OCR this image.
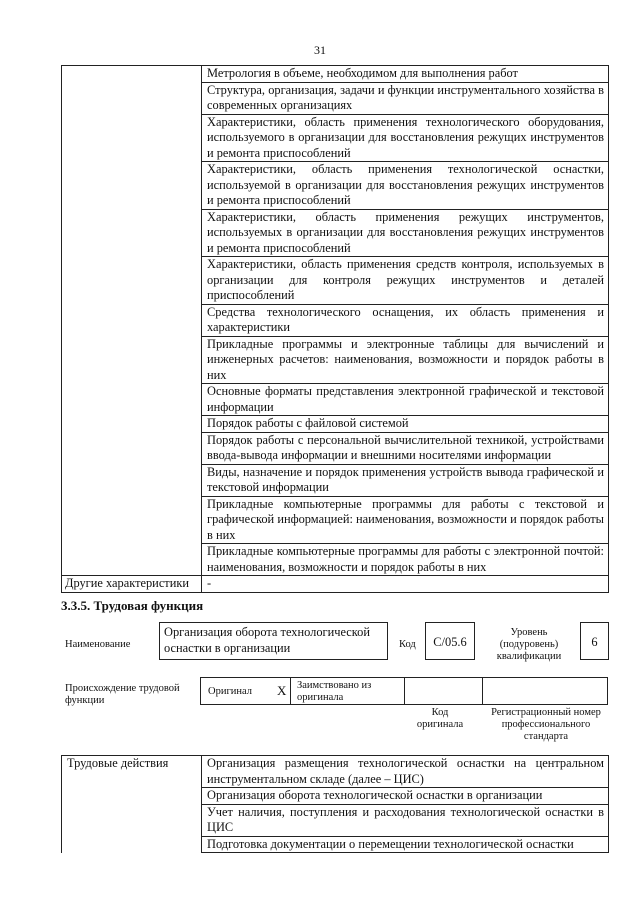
31
	Метрология в объеме, необходимом для выполнения работ
	Структура, организация, задачи и функции инструментального хозяйства в современных организациях
	Характеристики, область применения технологического оборудования, используемого в организации для восстановления режущих инструментов и ремонта приспособлений
	Характеристики, область применения технологической оснастки, используемой в организации для восстановления режущих инструментов и ремонта приспособлений
	Характеристики, область применения режущих инструментов, используемых в организации для восстановления режущих инструментов и ремонта приспособлений
	Характеристики, область применения средств контроля, используемых в организации для контроля режущих инструментов и деталей приспособлений
	Средства технологического оснащения, их область применения и характеристики
	Прикладные программы и электронные таблицы для вычислений и инженерных расчетов: наименования, возможности и порядок работы в них
	Основные форматы представления электронной графической и текстовой информации
	Порядок работы с файловой системой
	Порядок работы с персональной вычислительной техникой, устройствами ввода-вывода информации и внешними носителями информации
	Виды, назначение и порядок применения устройств вывода графической и текстовой информации
	Прикладные компьютерные программы для работы с текстовой и графической информацией: наименования, возможности и порядок работы в них
	Прикладные компьютерные программы для работы с электронной почтой: наименования, возможности и порядок работы в них
Другие характеристики	-
3.3.5. Трудовая функция
Наименование
Организация оборота технологической оснастки в организации	Код	C/05.6
Уровень (подуровень) квалификации
6
Происхождение трудовой функции
Оригинал X Заимствовано из оригинала
Код оригинала
Регистрационный номер профессионального стандарта
Трудовые действия	Организация размещения технологической оснастки на центральном инструментальном складе (далее – ЦИС)
	Организация оборота технологической оснастки в организации
	Учет наличия, поступления и расходования технологической оснастки в ЦИС
	Подготовка документации о перемещении технологической оснастки
